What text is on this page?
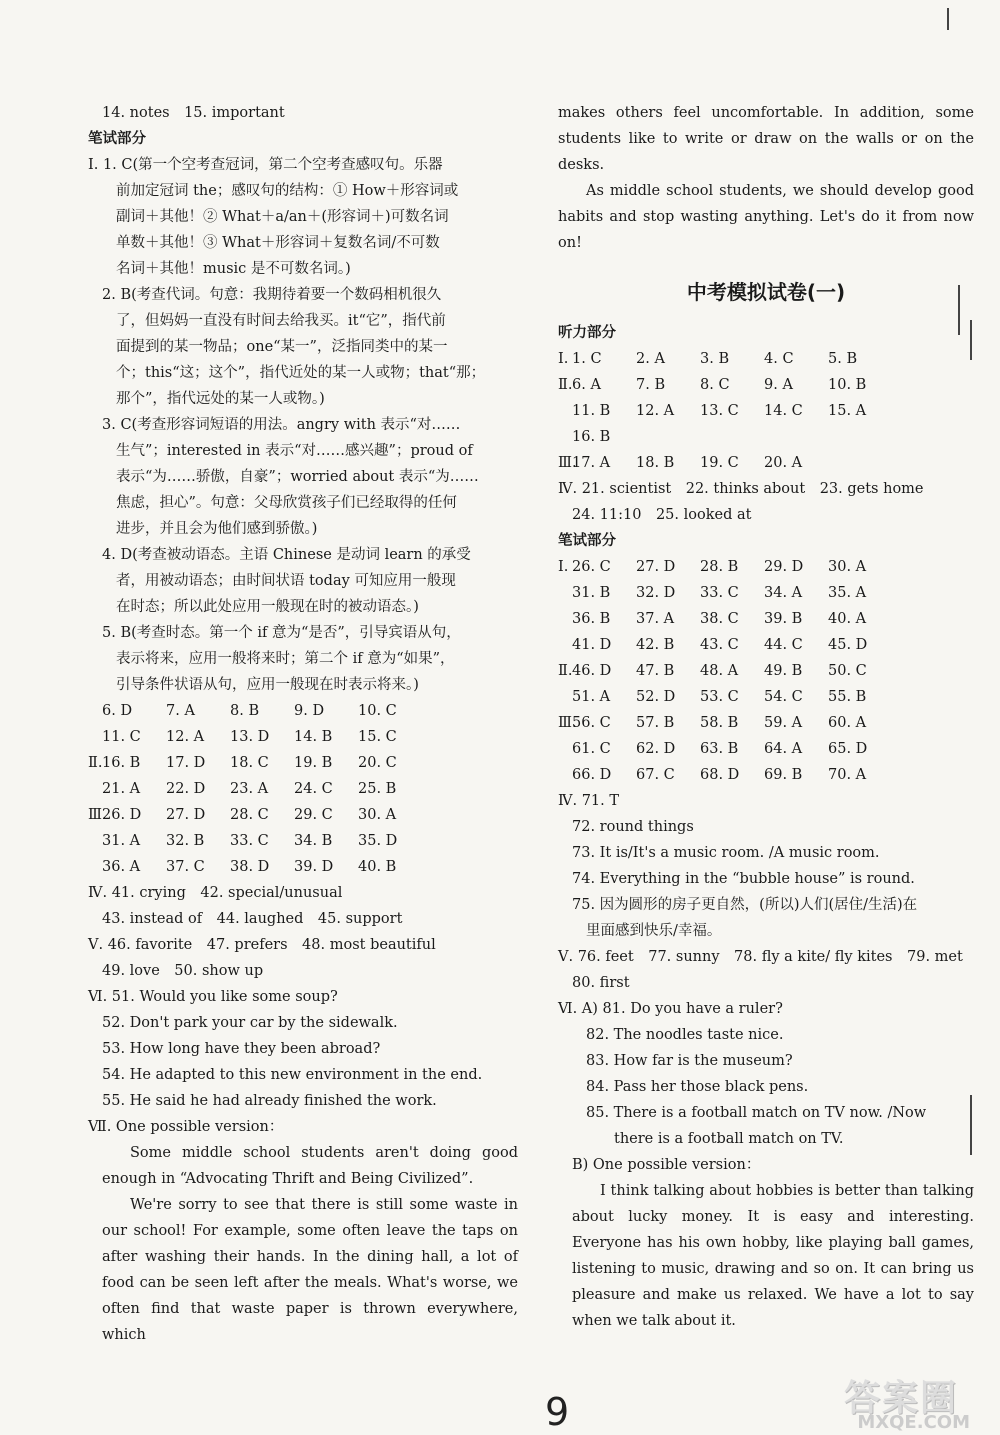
14. notes　15. important
笔试部分
Ⅰ. 1. C(第一个空考查冠词，第二个空考查感叹句。乐器
前加定冠词 the；感叹句的结构：① How＋形容词或
副词＋其他！② What＋a/an＋(形容词＋)可数名词
单数＋其他！③ What＋形容词＋复数名词/不可数
名词＋其他！music 是不可数名词。)
2. B(考查代词。句意：我期待着要一个数码相机很久
了，但妈妈一直没有时间去给我买。it“它”，指代前
面提到的某一物品；one“某一”，泛指同类中的某一
个；this“这；这个”，指代近处的某一人或物；that“那；
那个”，指代远处的某一人或物。)
3. C(考查形容词短语的用法。angry with 表示“对……
生气”；interested in 表示“对……感兴趣”；proud of
表示“为……骄傲，自豪”；worried about 表示“为……
焦虑，担心”。句意：父母欣赏孩子们已经取得的任何
进步，并且会为他们感到骄傲。)
4. D(考查被动语态。主语 Chinese 是动词 learn 的承受
者，用被动语态；由时间状语 today 可知应用一般现
在时态；所以此处应用一般现在时的被动语态。)
5. B(考查时态。第一个 if 意为“是否”，引导宾语从句，
表示将来，应用一般将来时；第二个 if 意为“如果”，
引导条件状语从句，应用一般现在时表示将来。)
6. D	7. A	8. B	9. D	10. C
11. C	12. A	13. D	14. B	15. C
Ⅱ. 16. B	17. D	18. C	19. B	20. C
21. A	22. D	23. A	24. C	25. B
Ⅲ.
26. D	27. D	28. C	29. C	30. A
31. A	32. B	33. C	34. B	35. D
36. A	37. C	38. D	39. D	40. B
Ⅳ. 41. crying　42. special/unusual
43. instead of　44. laughed　45. support
Ⅴ. 46. favorite　47. prefers　48. most beautiful
49. love　50. show up
Ⅵ. 51. Would you like some soup?
52. Don't park your car by the sidewalk.
53. How long have they been abroad?
54. He adapted to this new environment in the end.
55. He said he had already finished the work.
Ⅶ. One possible version：
Some middle school students aren't doing good enough in “Advocating Thrift and Being Civilized”.
We're sorry to see that there is still some waste in our school! For example, some often leave the taps on after washing their hands. In the dining hall, a lot of food can be seen left after the meals. What's worse, we often find that waste paper is thrown everywhere, which
makes others feel uncomfortable. In addition, some students like to write or draw on the walls or on the desks.
As middle school students, we should develop good habits and stop wasting anything. Let's do it from now on!
中考模拟试卷(一)
听力部分
Ⅰ. 1. C	2. A	3. B	4. C	5. B
Ⅱ. 6. A	7. B	8. C	9. A	10. B
11. B	12. A	13. C	14. C	15. A
16. B
Ⅲ.
17. A	18. B	19. C	20. A
Ⅳ. 21. scientist　22. thinks about　23. gets home
24. 11:10　25. looked at
笔试部分
Ⅰ. 26. C	27. D	28. B	29. D	30. A
31. B	32. D	33. C	34. A	35. A
36. B	37. A	38. C	39. B	40. A
41. D	42. B	43. C	44. C	45. D
Ⅱ. 46. D	47. B	48. A	49. B	50. C
51. A	52. D	53. C	54. C	55. B
Ⅲ.
56. C	57. B	58. B	59. A	60. A
61. C	62. D	63. B	64. A	65. D
66. D	67. C	68. D	69. B	70. A
Ⅳ. 71. T
72. round things
73. It is/It's a music room. /A music room.
74. Everything in the “bubble house” is round.
75. 因为圆形的房子更自然，(所以)人们(居住/生活)在
里面感到快乐/幸福。
Ⅴ. 76. feet　77. sunny　78. fly a kite/ fly kites　79. met
80. first
Ⅵ. A) 81. Do you have a ruler?
82. The noodles taste nice.
83. How far is the museum?
84. Pass her those black pens.
85. There is a football match on TV now. /Now
there is a football match on TV.
B) One possible version：
I think talking about hobbies is better than talking about lucky money. It is easy and interesting. Everyone has his own hobby, like playing ball games, listening to music, drawing and so on. It can bring us pleasure and make us relaxed. We have a lot to say when we talk about it.
9	答案圈
MXQE.COM
